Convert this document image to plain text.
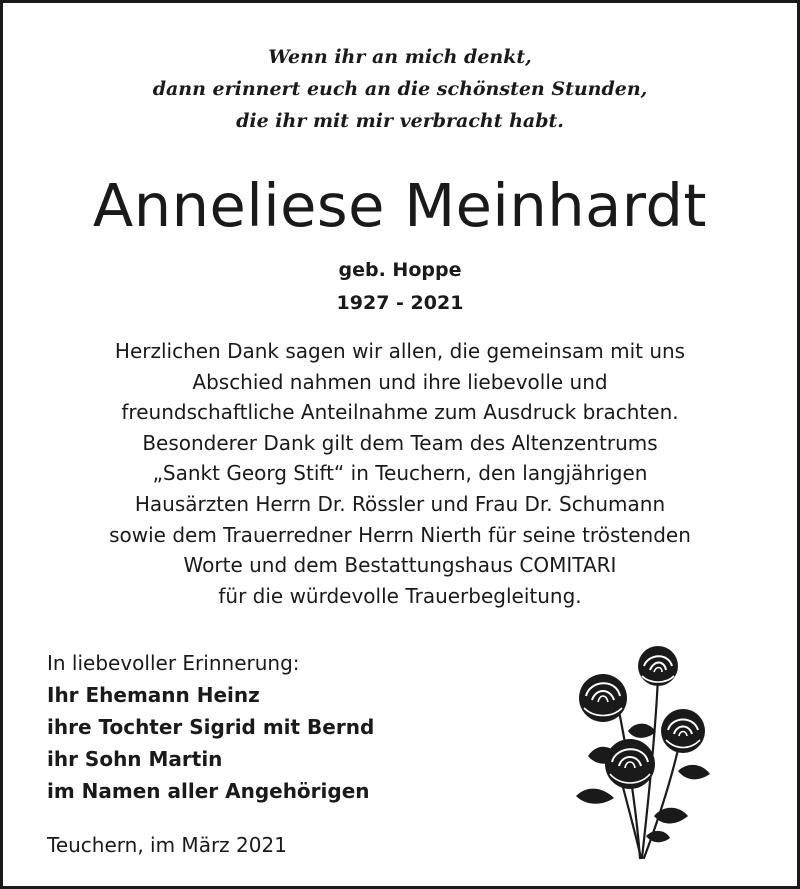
Wenn ihr an mich denkt,
dann erinnert euch an die schönsten Stunden,
die ihr mit mir verbracht habt.
Anneliese Meinhardt
geb. Hoppe
1927 - 2021
Herzlichen Dank sagen wir allen, die gemeinsam mit uns
Abschied nahmen und ihre liebevolle und
freundschaftliche Anteilnahme zum Ausdruck brachten.
Besonderer Dank gilt dem Team des Altenzentrums
„Sankt Georg Stift“ in Teuchern, den langjährigen
Hausärzten Herrn Dr. Rössler und Frau Dr. Schumann
sowie dem Trauerredner Herrn Nierth für seine tröstenden
Worte und dem Bestattungshaus COMITARI
für die würdevolle Trauerbegleitung.
In liebevoller Erinnerung:
Ihr Ehemann Heinz
ihre Tochter Sigrid mit Bernd
ihr Sohn Martin
im Namen aller Angehörigen
Teuchern, im März 2021
